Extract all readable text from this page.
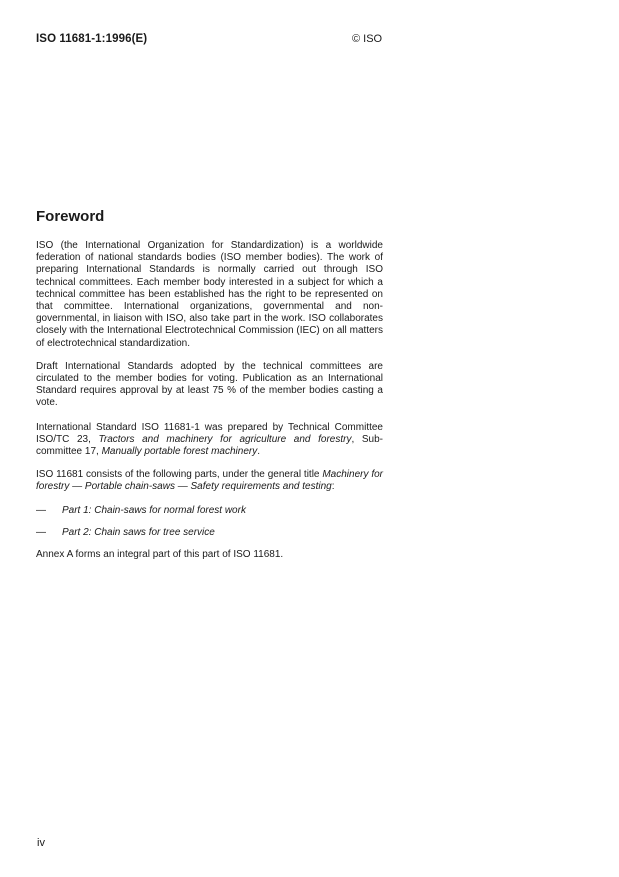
ISO 11681-1:1996(E)	© ISO
Foreword

ISO (the International Organization for Standardization) is a worldwide federation of national standards bodies (ISO member bodies). The work of preparing International Standards is normally carried out through ISO technical committees. Each member body interested in a subject for which a technical committee has been established has the right to be represented on that committee. International organizations, governmental and non-governmental, in liaison with ISO, also take part in the work. ISO collaborates closely with the International Electrotechnical Commission (IEC) on all matters of electrotechnical standardization.

Draft International Standards adopted by the technical committees are circulated to the member bodies for voting. Publication as an International Standard requires approval by at least 75 % of the member bodies casting a vote.

International Standard ISO 11681-1 was prepared by Technical Committee ISO/TC 23, Tractors and machinery for agriculture and forestry, Sub-committee 17, Manually portable forest machinery.

ISO 11681 consists of the following parts, under the general title Machinery for forestry — Portable chain-saws — Safety requirements and testing:

—	Part 1: Chain-saws for normal forest work
—	Part 2: Chain saws for tree service

Annex A forms an integral part of this part of ISO 11681.

iv
